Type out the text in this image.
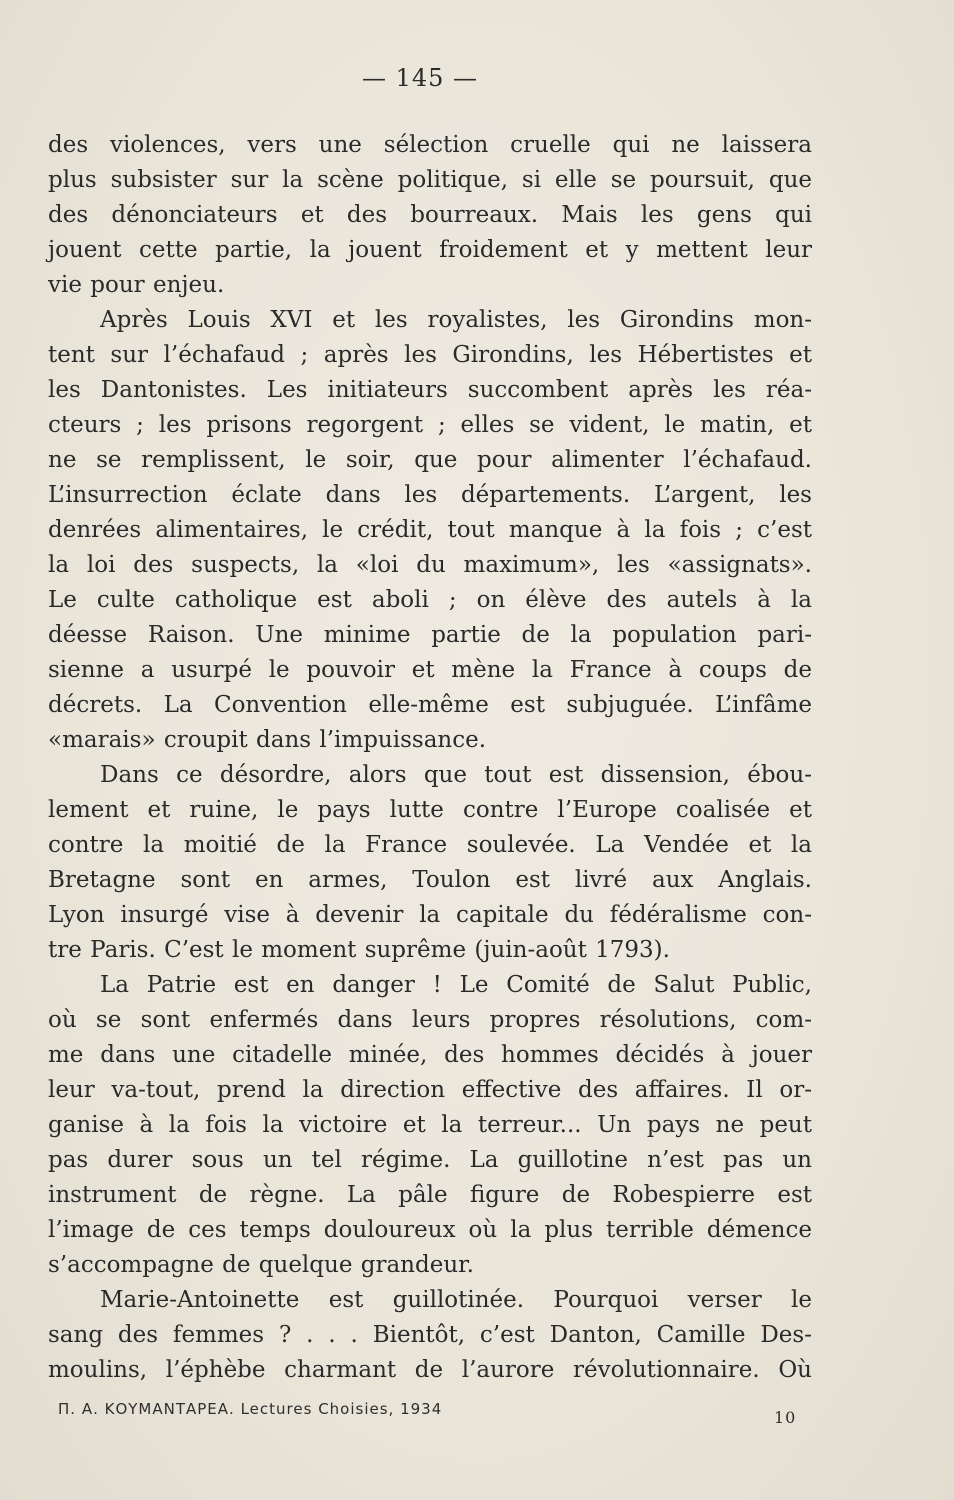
— 145 —

des violences, vers une sélection cruelle qui ne laissera
plus subsister sur la scène politique, si elle se poursuit, que
des dénonciateurs et des bourreaux. Mais les gens qui
jouent cette partie, la jouent froidement et y mettent leur
vie pour enjeu.

Après Louis XVI et les royalistes, les Girondins mon-
tent sur l’échafaud ; après les Girondins, les Hébertistes et
les Dantonistes. Les initiateurs succombent après les réa-
cteurs ; les prisons regorgent ; elles se vident, le matin, et
ne se remplissent, le soir, que pour alimenter l’échafaud.
L’insurrection éclate dans les départements. L’argent, les
denrées alimentaires, le crédit, tout manque à la fois ; c’est
la loi des suspects, la «loi du maximum», les «assignats».
Le culte catholique est aboli ; on élève des autels à la
déesse Raison. Une minime partie de la population pari-
sienne a usurpé le pouvoir et mène la France à coups de
décrets. La Convention elle-même est subjuguée. L’infâme
«marais» croupit dans l’impuissance.

Dans ce désordre, alors que tout est dissension, ébou-
lement et ruine, le pays lutte contre l’Europe coalisée et
contre la moitié de la France soulevée. La Vendée et la
Bretagne sont en armes, Toulon est livré aux Anglais.
Lyon insurgé vise à devenir la capitale du fédéralisme con-
tre Paris. C’est le moment suprême (juin-août 1793).

La Patrie est en danger ! Le Comité de Salut Public,
où se sont enfermés dans leurs propres résolutions, com-
me dans une citadelle minée, des hommes décidés à jouer
leur va-tout, prend la direction effective des affaires. Il or-
ganise à la fois la victoire et la terreur... Un pays ne peut
pas durer sous un tel régime. La guillotine n’est pas un
instrument de règne. La pâle figure de Robespierre est
l’image de ces temps douloureux où la plus terrible démence
s’accompagne de quelque grandeur.

Marie-Antoinette est guillotinée. Pourquoi verser le
sang des femmes ? . . . Bientôt, c’est Danton, Camille Des-
moulins, l’éphèbe charmant de l’aurore révolutionnaire. Où

Π. Α. ΚΟΥΜΑΝΤΑΡΕΑ. Lectures Choisies, 1934	10
